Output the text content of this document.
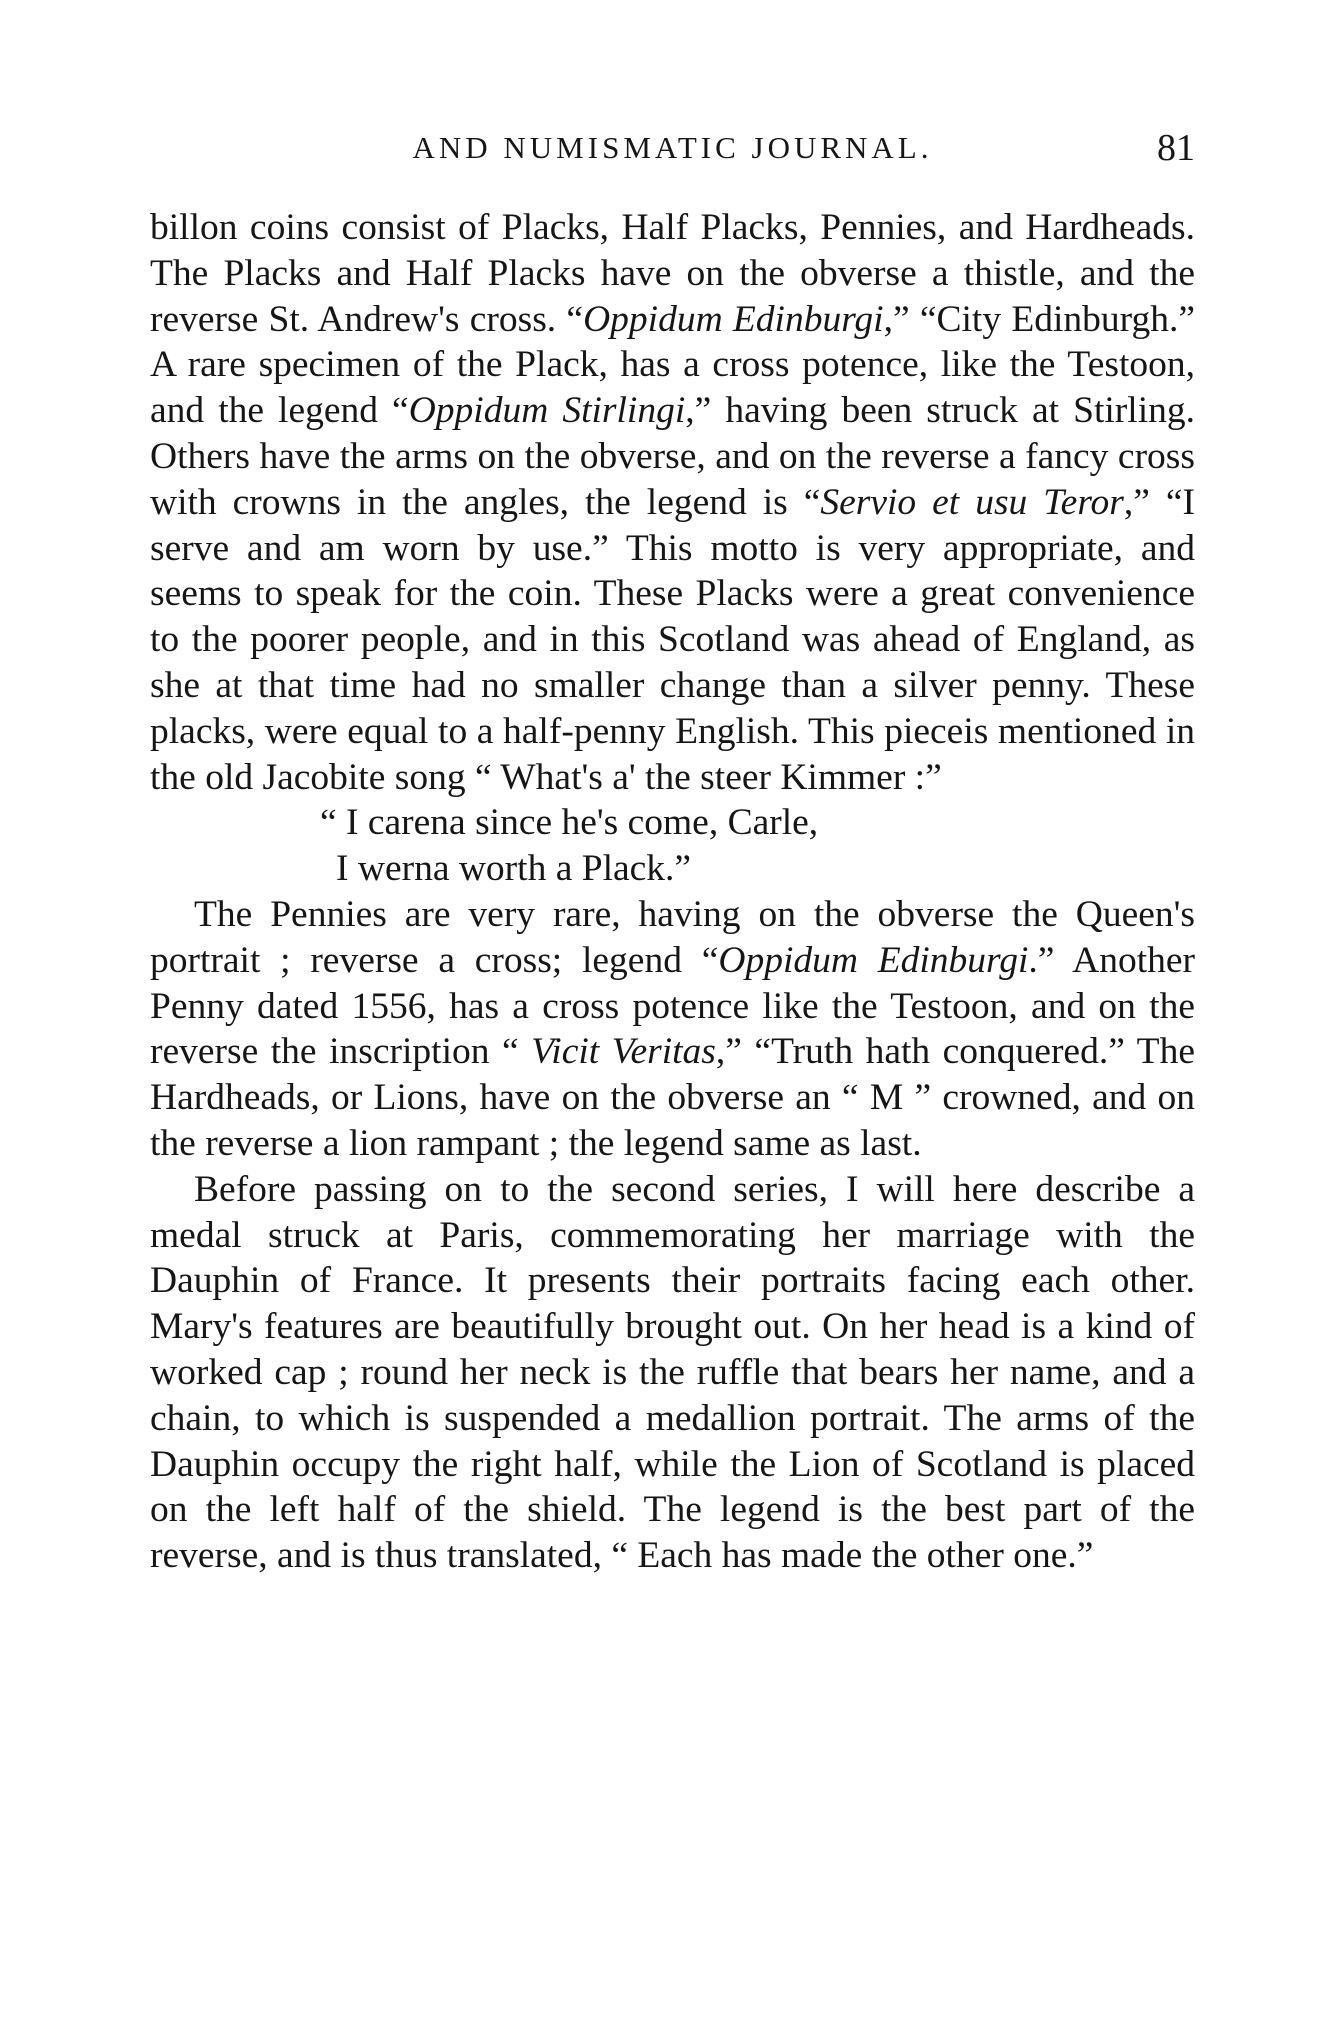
AND NUMISMATIC JOURNAL.	81

billon coins consist of Placks, Half Placks, Pennies, and Hardheads. The Placks and Half Placks have on the obverse a thistle, and the reverse St. Andrew's cross. “Oppidum Edinburgi,” “City Edinburgh.” A rare specimen of the Plack, has a cross potence, like the Testoon, and the legend “Oppidum Stirlingi,” having been struck at Stirling. Others have the arms on the obverse, and on the reverse a fancy cross with crowns in the angles, the legend is “Servio et usu Teror,” “I serve and am worn by use.” This motto is very appropriate, and seems to speak for the coin. These Placks were a great convenience to the poorer people, and in this Scotland was ahead of England, as she at that time had no smaller change than a silver penny. These placks, were equal to a half-penny English. This pieceis mentioned in the old Jacobite song “ What's a' the steer Kimmer :”

“ I carena since he's come, Carle,
I werna worth a Plack.”

The Pennies are very rare, having on the obverse the Queen's portrait ; reverse a cross; legend “Oppidum Edinburgi.” Another Penny dated 1556, has a cross potence like the Testoon, and on the reverse the inscription “ Vicit Veritas,” “Truth hath conquered.” The Hardheads, or Lions, have on the obverse an “ M ” crowned, and on the reverse a lion rampant ; the legend same as last.

Before passing on to the second series, I will here describe a medal struck at Paris, commemorating her marriage with the Dauphin of France. It presents their portraits facing each other. Mary's features are beautifully brought out. On her head is a kind of worked cap ; round her neck is the ruffle that bears her name, and a chain, to which is suspended a medallion portrait. The arms of the Dauphin occupy the right half, while the Lion of Scotland is placed on the left half of the shield. The legend is the best part of the reverse, and is thus translated, “ Each has made the other one.”
